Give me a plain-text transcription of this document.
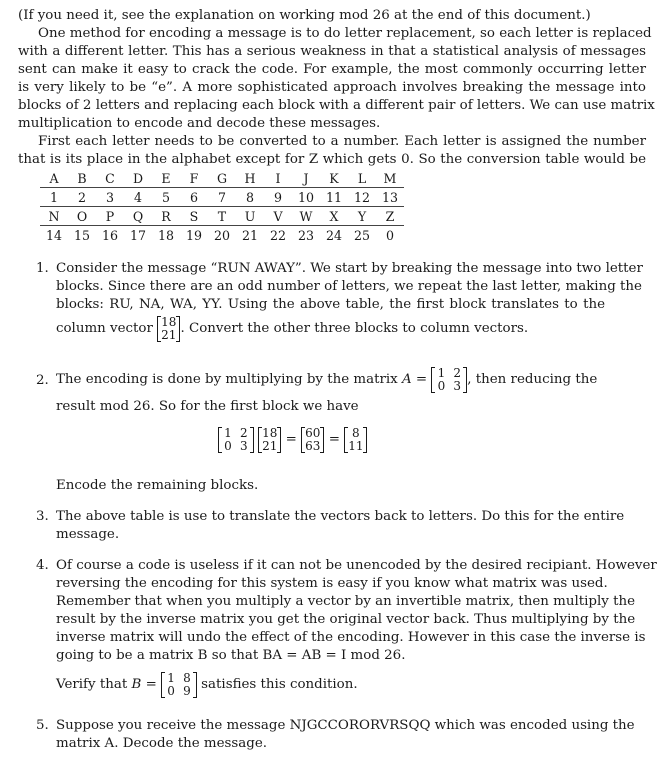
(If you need it, see the explanation on working mod 26 at the end of this document.)
One method for encoding a message is to do letter replacement, so each letter is replaced
with a different letter. This has a serious weakness in that a statistical analysis of messages
sent can make it easy to crack the code. For example, the most commonly occurring letter
is very likely to be “e”. A more sophisticated approach involves breaking the message into
blocks of 2 letters and replacing each block with a different pair of letters. We can use matrix
multiplication to encode and decode these messages.
First each letter needs to be converted to a number. Each letter is assigned the number
that is its place in the alphabet except for Z which gets 0. So the conversion table would be
A	B	C	D	E	F	G	H	I	J	K	L	M
1	2	3	4	5	6	7	8	9	10	11	12	13
N	O	P	Q	R	S	T	U	V	W	X	Y	Z
14	15	16	17	18	19	20	21	22	23	24	25	0
1. Consider the message “RUN AWAY”. We start by breaking the message into two letter
blocks. Since there are an odd number of letters, we repeat the last letter, making the
blocks: RU, NA, WA, YY. Using the above table, the first block translates to the
column vector 18
21 . Convert the other three blocks to column vectors.
2. The encoding is done by multiplying by the matrix A = 1 2
0 3 , then reducing the
result mod 26. So for the first block we have
1 2
0 3

18
21 = 60
63 =	8
11
Encode the remaining blocks.
3. The above table is use to translate the vectors back to letters. Do this for the entire
message.
4. Of course a code is useless if it can not be unencoded by the desired recipiant. However
reversing the encoding for this system is easy if you know what matrix was used.
Remember that when you multiply a vector by an invertible matrix, then multiply the
result by the inverse matrix you get the original vector back. Thus multiplying by the
inverse matrix will undo the effect of the encoding. However in this case the inverse is
going to be a matrix B so that BA = AB = I mod 26.
Verify that B = 1 8
0 9 satisfies this condition.
5. Suppose you receive the message NJGCCORORVRSQQ which was encoded using the
matrix A. Decode the message.
